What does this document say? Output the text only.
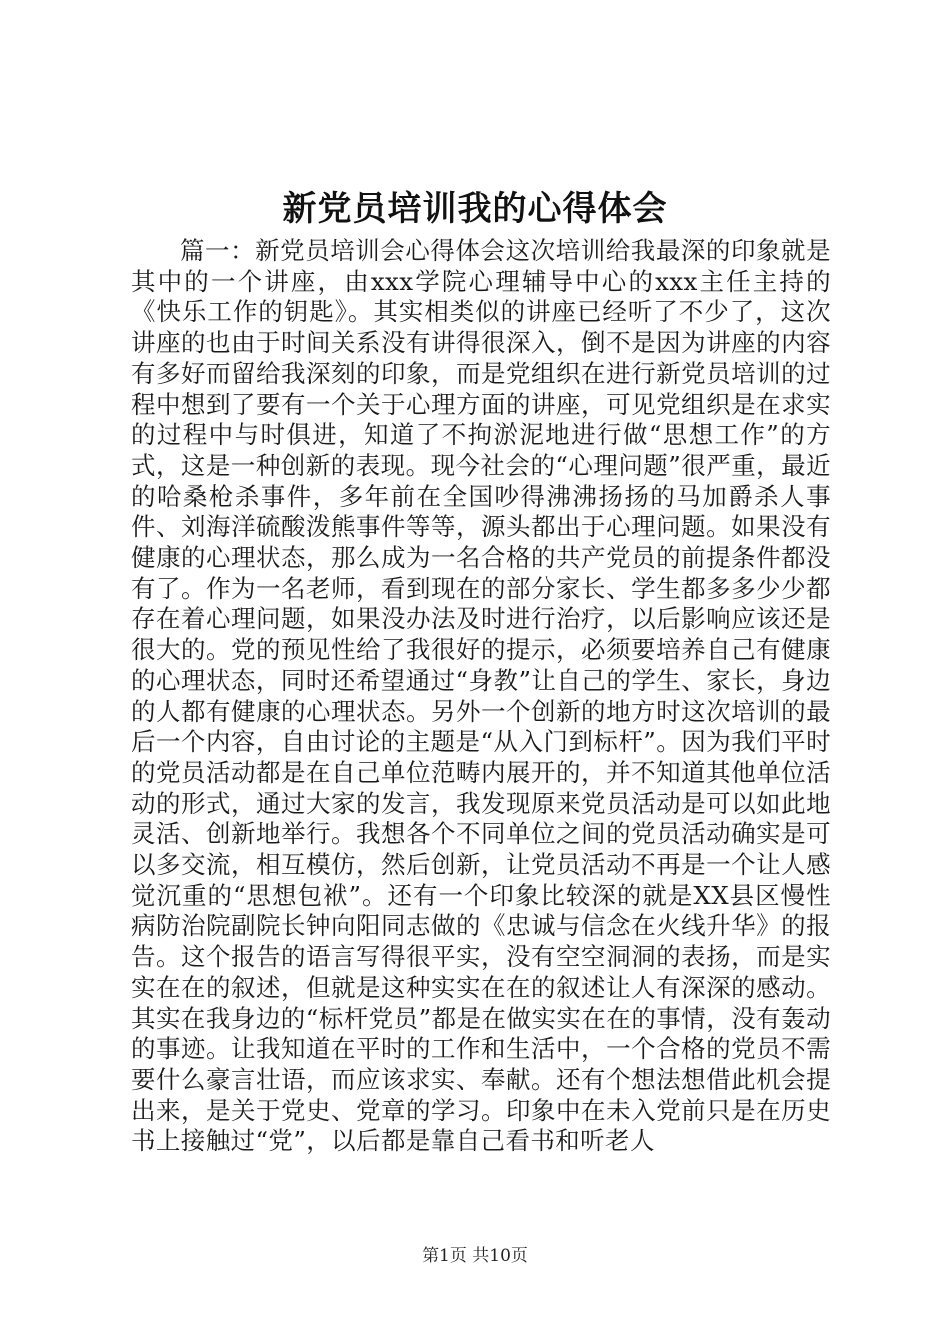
新党员培训我的心得体会

篇一：新党员培训会心得体会这次培训给我最深的印象就是其中的一个讲座，由xxx学院心理辅导中心的xxx主任主持的《快乐工作的钥匙》。其实相类似的讲座已经听了不少了，这次讲座的也由于时间关系没有讲得很深入，倒不是因为讲座的内容有多好而留给我深刻的印象，而是党组织在进行新党员培训的过程中想到了要有一个关于心理方面的讲座，可见党组织是在求实的过程中与时俱进，知道了不拘淤泥地进行做“思想工作”的方式，这是一种创新的表现。现今社会的“心理问题”很严重，最近的哈桑枪杀事件，多年前在全国吵得沸沸扬扬的马加爵杀人事件、刘海洋硫酸泼熊事件等等，源头都出于心理问题。如果没有健康的心理状态，那么成为一名合格的共产党员的前提条件都没有了。作为一名老师，看到现在的部分家长、学生都多多少少都存在着心理问题，如果没办法及时进行治疗，以后影响应该还是很大的。党的预见性给了我很好的提示，必须要培养自己有健康的心理状态，同时还希望通过“身教”让自己的学生、家长，身边的人都有健康的心理状态。另外一个创新的地方时这次培训的最后一个内容，自由讨论的主题是“从入门到标杆”。因为我们平时的党员活动都是在自己单位范畴内展开的，并不知道其他单位活动的形式，通过大家的发言，我发现原来党员活动是可以如此地灵活、创新地举行。我想各个不同单位之间的党员活动确实是可以多交流，相互模仿，然后创新，让党员活动不再是一个让人感觉沉重的“思想包袱”。还有一个印象比较深的就是XX县区慢性病防治院副院长钟向阳同志做的《忠诚与信念在火线升华》的报告。这个报告的语言写得很平实，没有空空洞洞的表扬，而是实实在在的叙述，但就是这种实实在在的叙述让人有深深的感动。其实在我身边的“标杆党员”都是在做实实在在的事情，没有轰动的事迹。让我知道在平时的工作和生活中，一个合格的党员不需要什么豪言壮语，而应该求实、奉献。还有个想法想借此机会提出来，是关于党史、党章的学习。印象中在未入党前只是在历史书上接触过“党”，以后都是靠自己看书和听老人

第1页 共10页
